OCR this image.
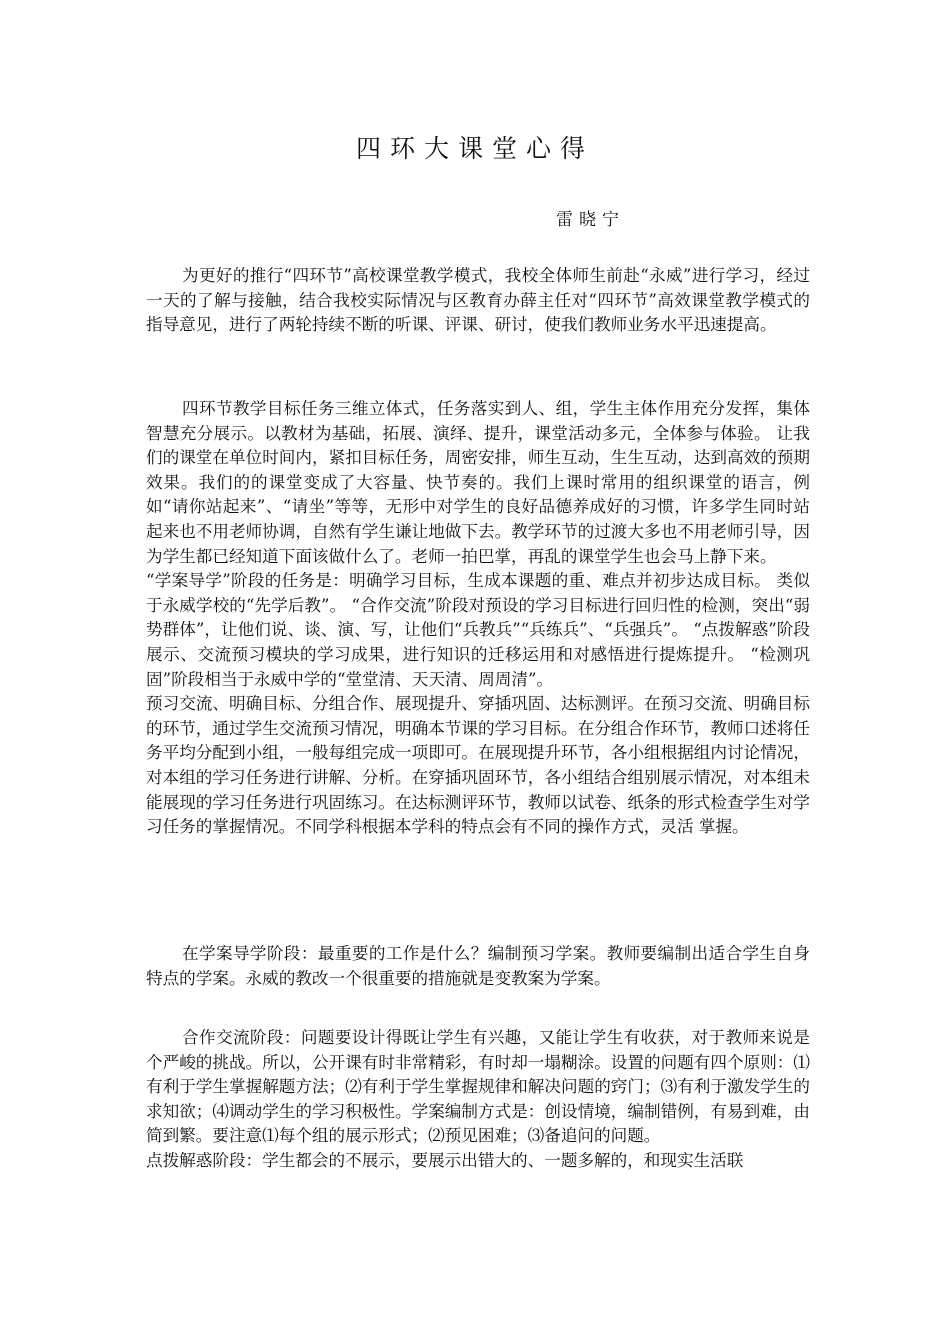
四环大课堂心得
雷晓宁

为更好的推行“四环节”高校课堂教学模式，我校全体师生前赴“永威”进行学习，经过一天的了解与接触，结合我校实际情况与区教育办薛主任对“四环节”高效课堂教学模式的指导意见，进行了两轮持续不断的听课、评课、研讨，使我们教师业务水平迅速提高。

四环节教学目标任务三维立体式，任务落实到人、组，学生主体作用充分发挥，集体智慧充分展示。以教材为基础，拓展、演绎、提升，课堂活动多元，全体参与体验。 让我们的课堂在单位时间内，紧扣目标任务，周密安排，师生互动，生生互动，达到高效的预期效果。我们的的课堂变成了大容量、快节奏的。我们上课时常用的组织课堂的语言，例如“请你站起来”、“请坐”等等，无形中对学生的良好品德养成好的习惯，许多学生同时站起来也不用老师协调，自然有学生谦让地做下去。教学环节的过渡大多也不用老师引导，因为学生都已经知道下面该做什么了。老师一拍巴掌，再乱的课堂学生也会马上静下来。

“学案导学”阶段的任务是：明确学习目标，生成本课题的重、难点并初步达成目标。 类似于永威学校的“先学后教”。 “合作交流”阶段对预设的学习目标进行回归性的检测，突出“弱势群体”，让他们说、谈、演、写，让他们“兵教兵”“兵练兵”、“兵强兵”。 “点拨解惑”阶段展示、交流预习模块的学习成果，进行知识的迁移运用和对感悟进行提炼提升。 “检测巩固”阶段相当于永威中学的“堂堂清、天天清、周周清”。

预习交流、明确目标、分组合作、展现提升、穿插巩固、达标测评。在预习交流、明确目标的环节，通过学生交流预习情况，明确本节课的学习目标。在分组合作环节，教师口述将任务平均分配到小组，一般每组完成一项即可。在展现提升环节，各小组根据组内讨论情况，对本组的学习任务进行讲解、分析。在穿插巩固环节，各小组结合组别展示情况，对本组未能展现的学习任务进行巩固练习。在达标测评环节，教师以试卷、纸条的形式检查学生对学习任务的掌握情况。不同学科根据本学科的特点会有不同的操作方式，灵活 掌握。

在学案导学阶段：最重要的工作是什么？编制预习学案。教师要编制出适合学生自身特点的学案。永威的教改一个很重要的措施就是变教案为学案。

合作交流阶段：问题要设计得既让学生有兴趣，又能让学生有收获，对于教师来说是个严峻的挑战。所以，公开课有时非常精彩，有时却一塌糊涂。设置的问题有四个原则：⑴有利于学生掌握解题方法；⑵有利于学生掌握规律和解决问题的窍门；⑶有利于激发学生的求知欲；⑷调动学生的学习积极性。学案编制方式是：创设情境，编制错例，有易到难，由简到繁。要注意⑴每个组的展示形式；⑵预见困难；⑶备追问的问题。

点拨解惑阶段：学生都会的不展示，要展示出错大的、一题多解的，和现实生活联
